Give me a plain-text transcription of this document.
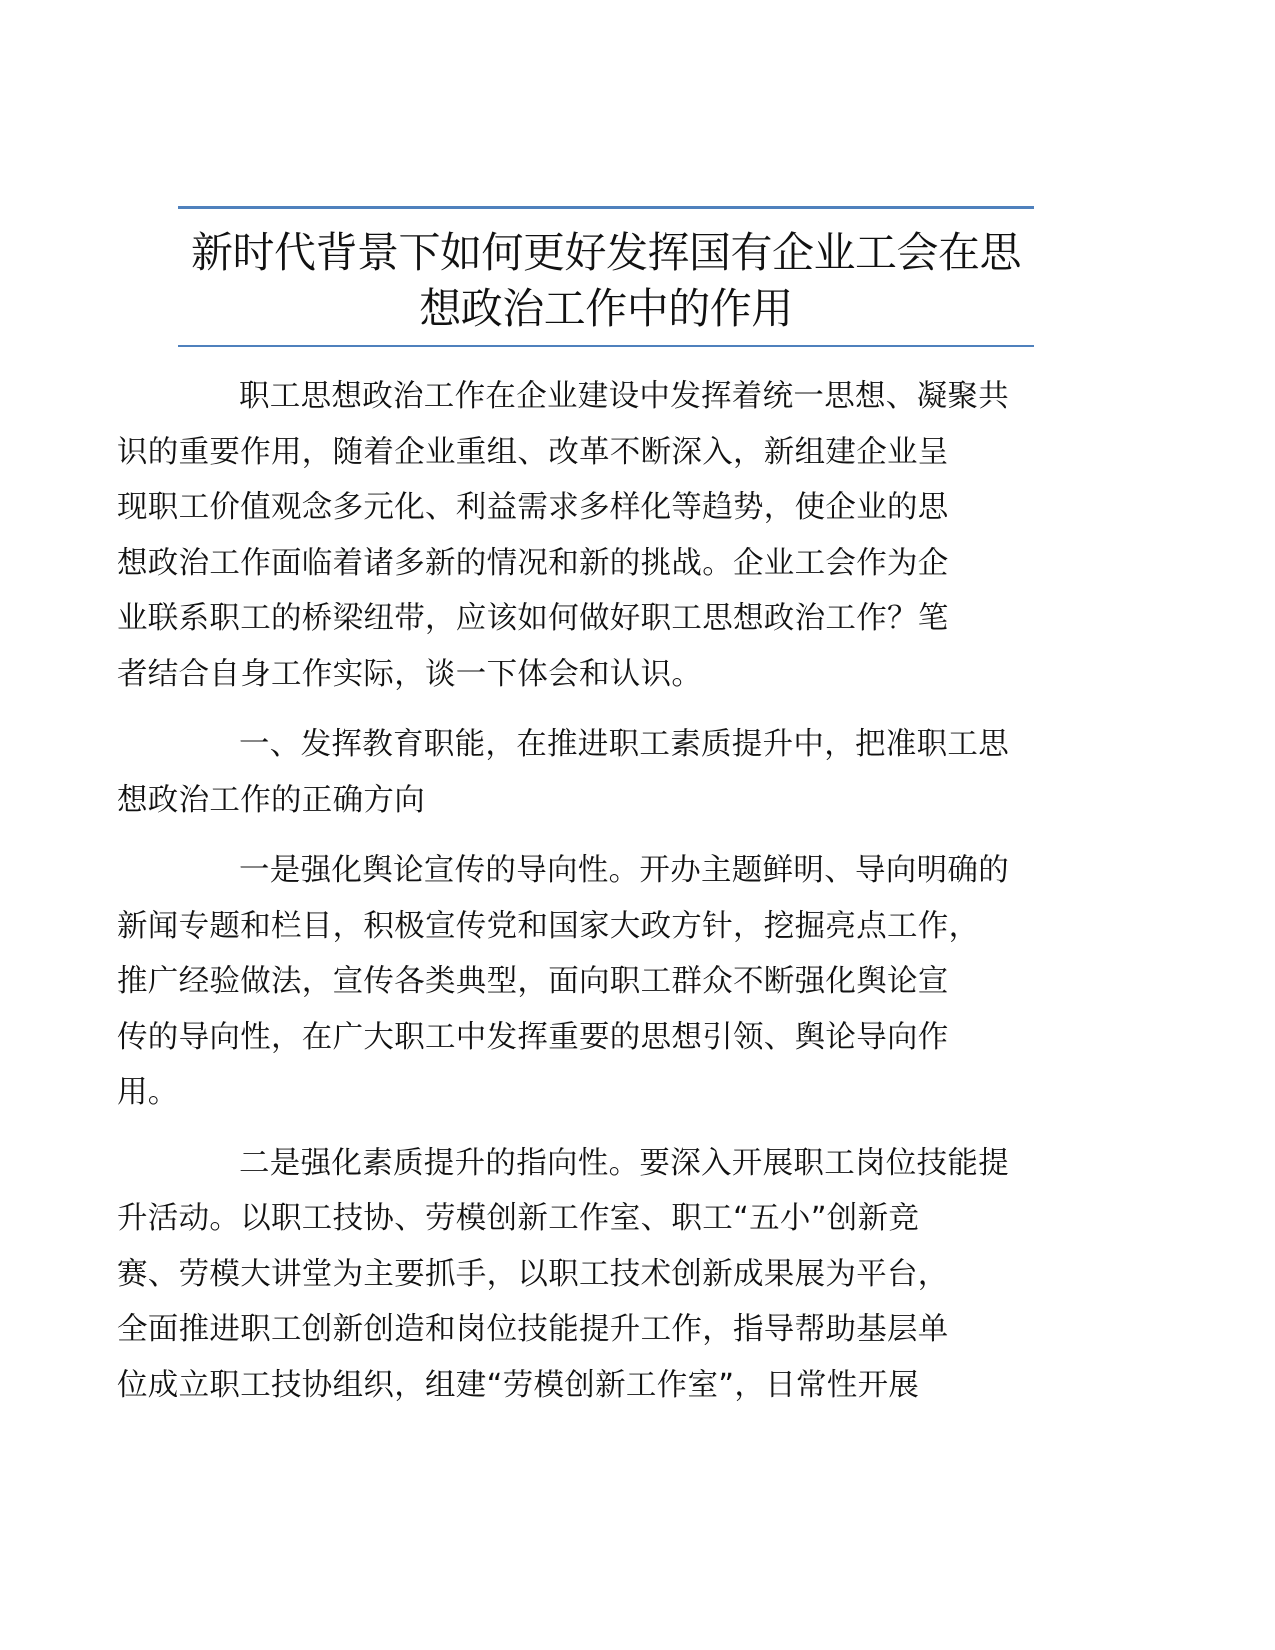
新时代背景下如何更好发挥国有企业工会在思
想政治工作中的作用

职工思想政治工作在企业建设中发挥着统一思想、凝聚共
识的重要作用，随着企业重组、改革不断深入，新组建企业呈
现职工价值观念多元化、利益需求多样化等趋势，使企业的思
想政治工作面临着诸多新的情况和新的挑战。企业工会作为企
业联系职工的桥梁纽带，应该如何做好职工思想政治工作？笔
者结合自身工作实际，谈一下体会和认识。

一、发挥教育职能，在推进职工素质提升中，把准职工思
想政治工作的正确方向

一是强化舆论宣传的导向性。开办主题鲜明、导向明确的
新闻专题和栏目，积极宣传党和国家大政方针，挖掘亮点工作，
推广经验做法，宣传各类典型，面向职工群众不断强化舆论宣
传的导向性，在广大职工中发挥重要的思想引领、舆论导向作
用。

二是强化素质提升的指向性。要深入开展职工岗位技能提
升活动。以职工技协、劳模创新工作室、职工“五小”创新竞
赛、劳模大讲堂为主要抓手，以职工技术创新成果展为平台，
全面推进职工创新创造和岗位技能提升工作，指导帮助基层单
位成立职工技协组织，组建“劳模创新工作室”，日常性开展
